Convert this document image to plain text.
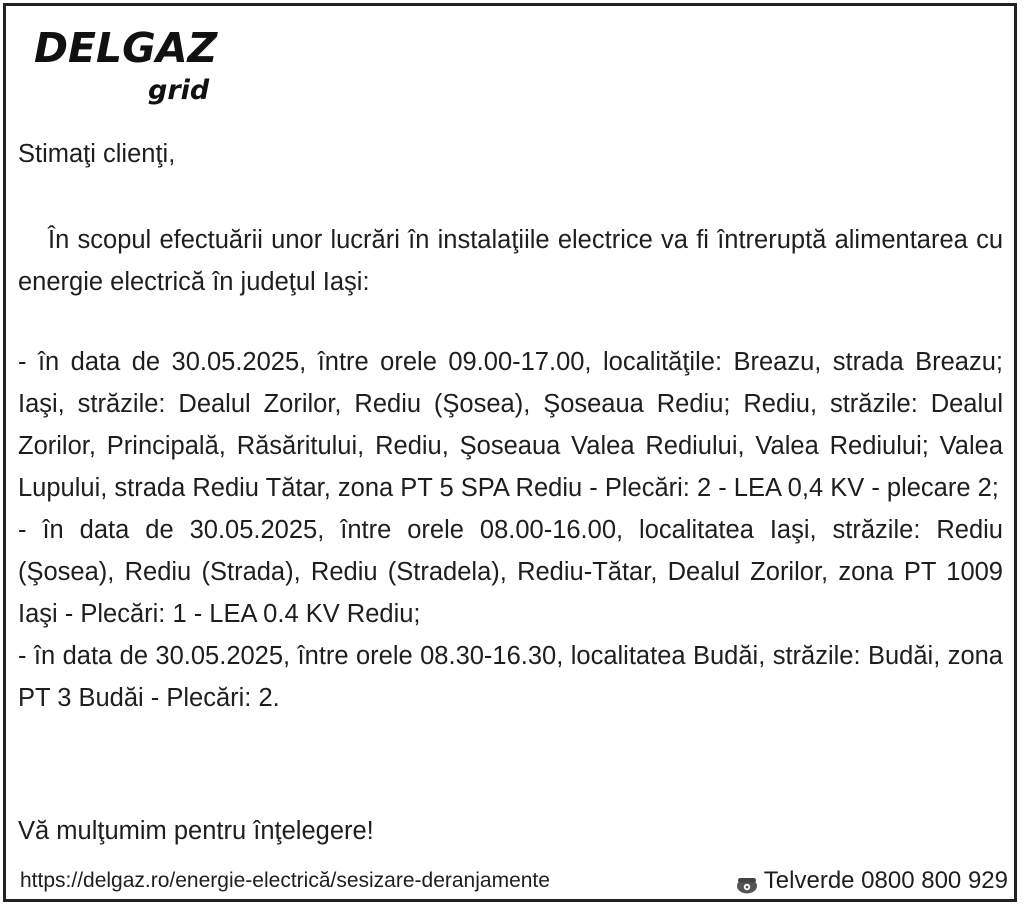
DELGAZ
grid
Stimaţi clienţi,
În scopul efectuării unor lucrări în instalaţiile electrice va fi întreruptă alimentarea cu energie electrică în judeţul Iaşi:

- în data de 30.05.2025, între orele 09.00-17.00, localităţile: Breazu, strada Breazu; Iaşi, străzile: Dealul Zorilor, Rediu (Şosea), Şoseaua Rediu; Rediu, străzile: Dealul Zorilor, Principală, Răsăritului, Rediu, Şoseaua Valea Rediului, Valea Rediului; Valea Lupului, strada Rediu Tătar, zona PT 5 SPA Rediu - Plecări: 2 - LEA 0,4 KV - plecare 2;

- în data de 30.05.2025, între orele 08.00-16.00, localitatea Iaşi, străzile: Rediu (Şosea), Rediu (Strada), Rediu (Stradela), Rediu-Tătar, Dealul Zorilor, zona PT 1009 Iaşi - Plecări: 1 - LEA 0.4 KV Rediu;

- în data de 30.05.2025, între orele 08.30-16.30, localitatea Budăi, străzile: Budăi, zona PT 3 Budăi - Plecări: 2.

Vă mulţumim pentru înţelegere!
https://delgaz.ro/energie-electrică/sesizare-deranjamente	Telverde 0800 800 929
